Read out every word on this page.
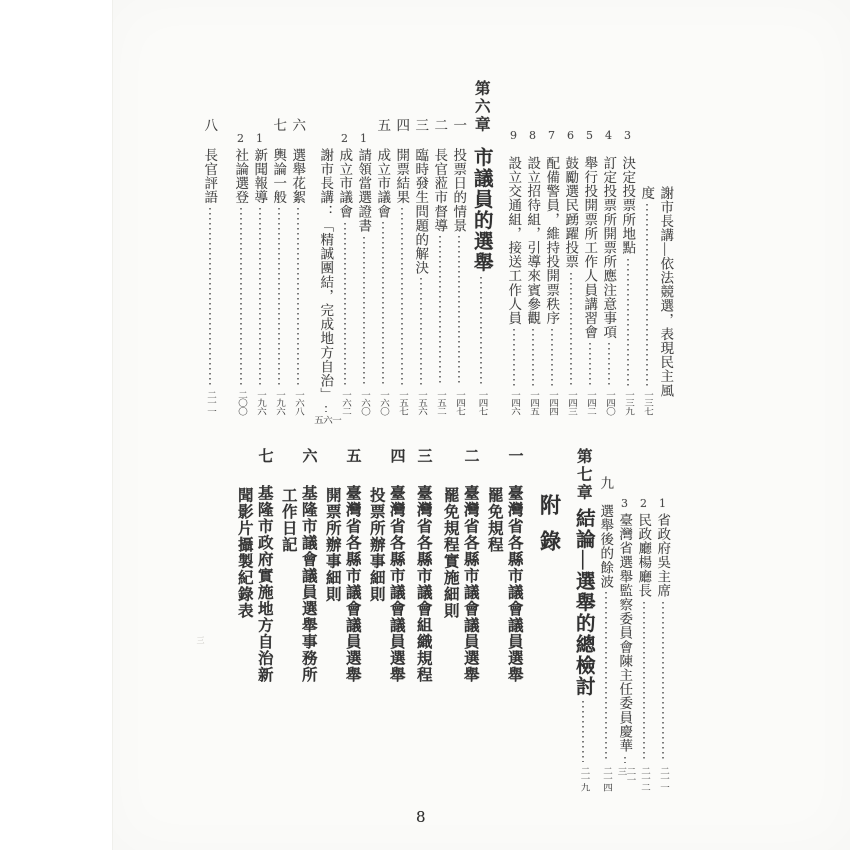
謝市長講—依法競選，表現民主風
度
一三七
3
決定投票所地點
一三九
4
訂定投票所開票所應注意事項
一四〇
5
舉行投開票所工作人員講習會
一四二
6
鼓勵選民踴躍投票
一四三
7
配備警員，維持投開票秩序
一四四
8
設立招待組，引導來賓參觀
一四五
9
設立交通組，接送工作人員
一四六
第六章
市議員的選舉
一四七
一
投票日的情景
一四七
二
長官蒞市督導
一五二
三
臨時發生問題的解決
一五六
四
開票結果
一五七
五
成立市議會
一六〇
1
請領當選證書
一六〇
2
成立市議會
一六二
謝市長講：「精誠團結，完成地方自治」
一六五
六
選舉花絮
一六八
七
輿論一般
一九六
1
新聞報導
一九六
2
社論選登
二〇〇
八
長官評語
二一一
1
省政府吳主席
二一一
2
民政廳楊廳長
二一二
3
臺灣省選舉監察委員會陳主任委員慶華
二一三
九
選舉後的餘波
二一四
第七章
結論—選舉的總檢討
二一九
附錄
一
臺灣省各縣市議會議員選舉
罷免規程
二
臺灣省各縣市議會議員選舉
罷免規程實施細則
三
臺灣省各縣市議會組織規程
四
臺灣省各縣市議會議員選舉
投票所辦事細則
五
臺灣省各縣市議會議員選舉
開票所辦事細則
六
基隆市議會議員選舉事務所
工作日記
七
基隆市政府實施地方自治新
聞影片攝製紀錄表
三
8
